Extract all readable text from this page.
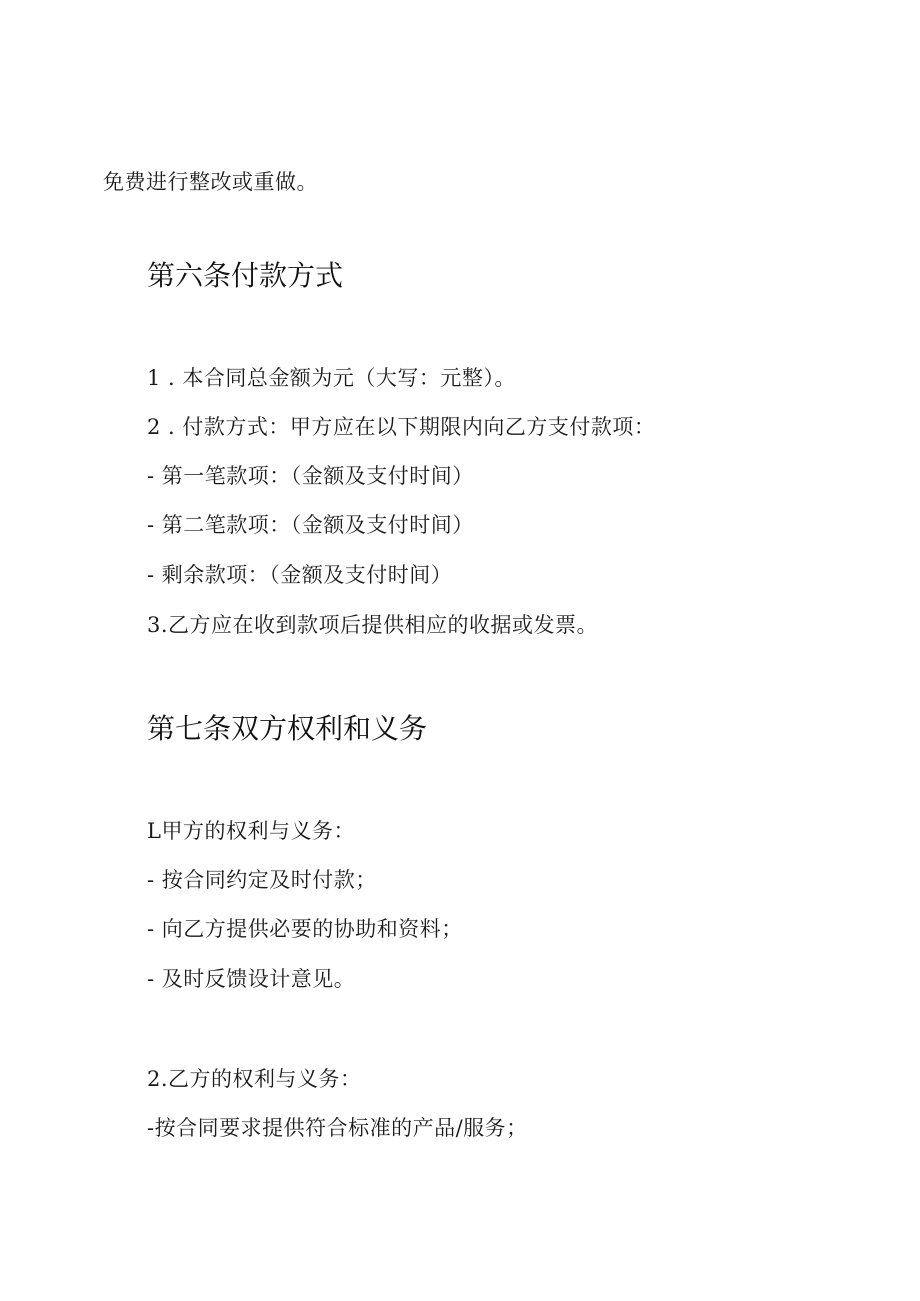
免费进行整改或重做。
第六条付款方式
1 . 本合同总金额为元（大写：元整）。
2 . 付款方式：甲方应在以下期限内向乙方支付款项：
- 第一笔款项：（金额及支付时间）
- 第二笔款项：（金额及支付时间）
- 剩余款项：（金额及支付时间）
3.乙方应在收到款项后提供相应的收据或发票。
第七条双方权利和义务
L甲方的权利与义务：
- 按合同约定及时付款；
- 向乙方提供必要的协助和资料；
- 及时反馈设计意见。
2.乙方的权利与义务：
-按合同要求提供符合标准的产品/服务；
